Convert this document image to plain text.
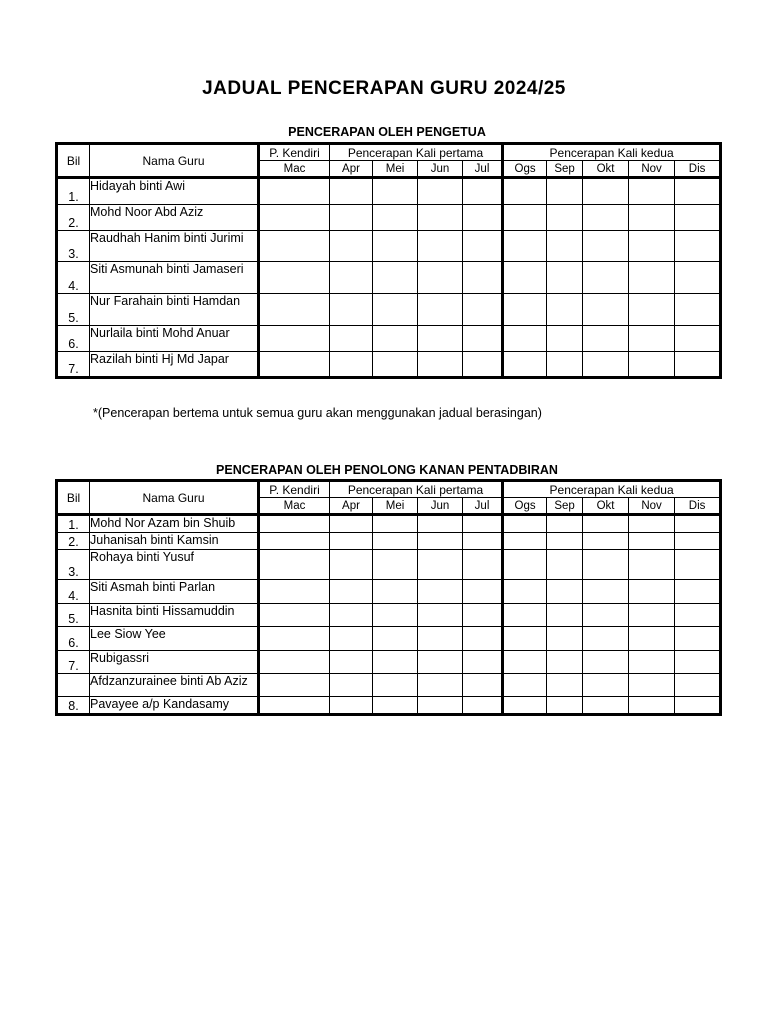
JADUAL PENCERAPAN GURU 2024/25
PENCERAPAN OLEH PENGETUA
Bil	Nama Guru	P. Kendiri	Pencerapan Kali pertama				Pencerapan Kali kedua				
		Mac	Apr	Mei	Jun	Jul	Ogs	Sep	Okt	Nov	Dis
1.	Hidayah binti Awi										
2.	Mohd Noor Abd Aziz										
3.	Raudhah Hanim binti Jurimi										
4.	Siti Asmunah binti Jamaseri										
5.	Nur Farahain binti Hamdan										
6.	Nurlaila binti Mohd Anuar										
7.	Razilah binti Hj Md Japar										
*(Pencerapan bertema untuk semua guru akan menggunakan jadual berasingan)
PENCERAPAN OLEH PENOLONG KANAN PENTADBIRAN
Bil	Nama Guru	P. Kendiri	Pencerapan Kali pertama				Pencerapan Kali kedua				
		Mac	Apr	Mei	Jun	Jul	Ogs	Sep	Okt	Nov	Dis
1.	Mohd Nor Azam bin Shuib										
2.	Juhanisah binti Kamsin										
3.	Rohaya binti Yusuf										
4.	Siti Asmah binti Parlan										
5.	Hasnita binti Hissamuddin										
6.	Lee Siow Yee										
7.	Rubigassri										
	Afdzanzurainee binti Ab Aziz										
8.	Pavayee a/p Kandasamy										
